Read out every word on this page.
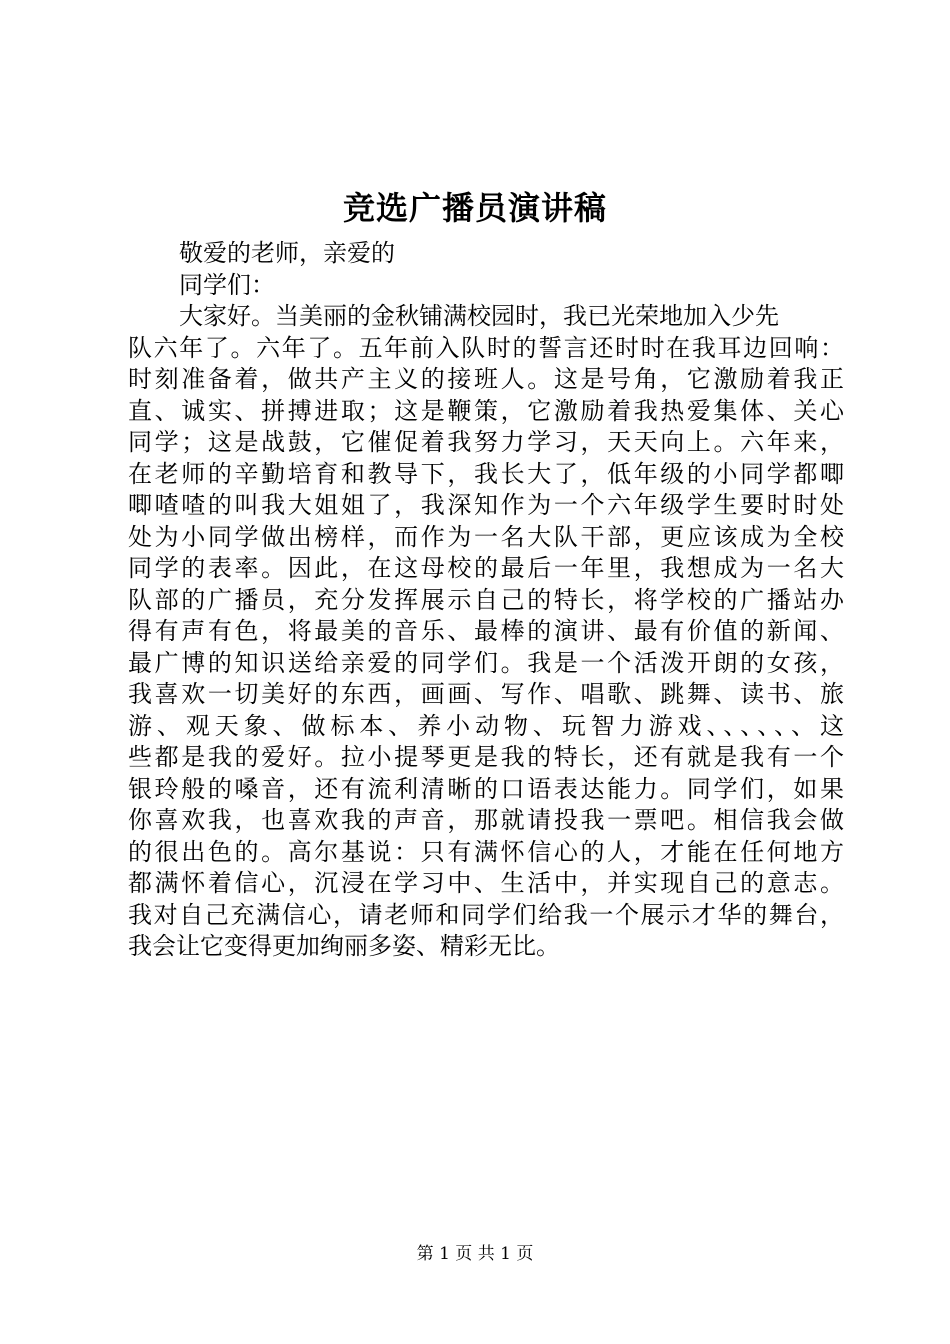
竞选广播员演讲稿
敬爱的老师，亲爱的
同学们：
大家好。当美丽的金秋铺满校园时，我已光荣地加入少先
队六年了。六年了。五年前入队时的誓言还时时在我耳边回响：
时刻准备着，做共产主义的接班人。这是号角，它激励着我正
直、诚实、拼搏进取；这是鞭策，它激励着我热爱集体、关心
同学；这是战鼓，它催促着我努力学习，天天向上。六年来，
在老师的辛勤培育和教导下，我长大了，低年级的小同学都唧
唧喳喳的叫我大姐姐了，我深知作为一个六年级学生要时时处
处为小同学做出榜样，而作为一名大队干部，更应该成为全校
同学的表率。因此，在这母校的最后一年里，我想成为一名大
队部的广播员，充分发挥展示自己的特长，将学校的广播站办
得有声有色，将最美的音乐、最棒的演讲、最有价值的新闻、
最广博的知识送给亲爱的同学们。我是一个活泼开朗的女孩，
我喜欢一切美好的东西，画画、写作、唱歌、跳舞、读书、旅
游、观天象、做标本、养小动物、玩智力游戏、、、、、、这
些都是我的爱好。拉小提琴更是我的特长，还有就是我有一个
银玲般的嗓音，还有流利清晰的口语表达能力。同学们，如果
你喜欢我，也喜欢我的声音，那就请投我一票吧。相信我会做
的很出色的。高尔基说：只有满怀信心的人，才能在任何地方
都满怀着信心，沉浸在学习中、生活中，并实现自己的意志。
我对自己充满信心，请老师和同学们给我一个展示才华的舞台，
我会让它变得更加绚丽多姿、精彩无比。
第 1 页 共 1 页
